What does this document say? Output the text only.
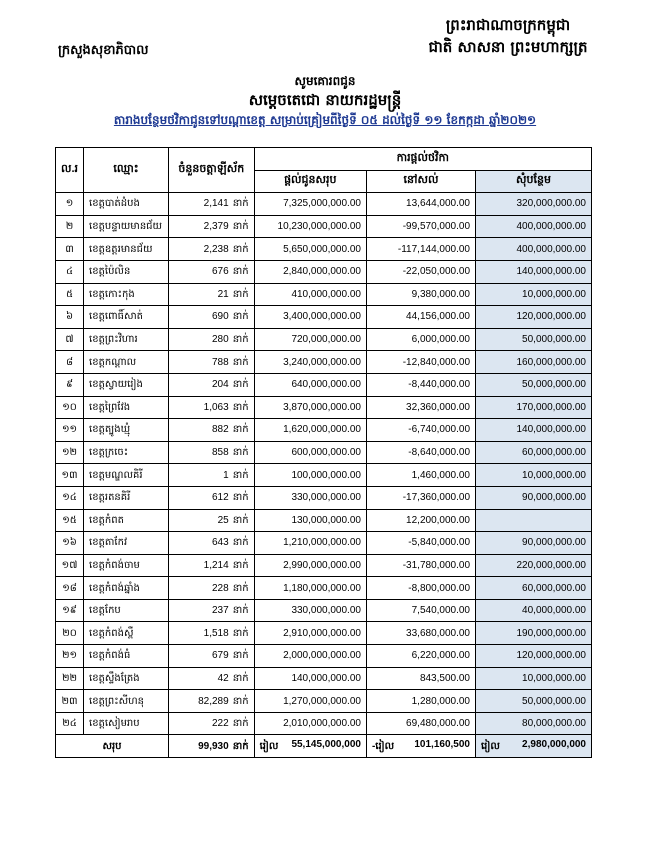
ព្រះរាជាណាចក្រកម្ពុជា
ជាតិ សាសនា ព្រះមហាក្សត្រ
ក្រសួងសុខាភិបាល
សូមគោរពជូន
សម្តេចតេជោ នាយករដ្ឋមន្ត្រី
តារាងបន្ថែមថវិកាជូនទៅបណ្តាខេត្ត សម្រាប់គ្រៀមពីថ្ងៃទី ០៥ ដល់ថ្ងៃទី ១១ ខែកក្កដា ឆ្នាំ២០២១
ល.រ	ឈ្មោះ	ចំនួនចត្តាឡីស័ក	ការផ្តល់ថវិកា		
			ផ្តល់ជូនសរុប	នៅសល់	សុំបន្ថែម
១	ខេត្តបាត់ដំបង	2,141 នាក់	7,325,000,000.00	13,644,000.00	320,000,000.00
២	ខេត្តបន្ទាយមានជ័យ	2,379 នាក់	10,230,000,000.00	-99,570,000.00	400,000,000.00
៣	ខេត្តឧត្តរមានជ័យ	2,238 នាក់	5,650,000,000.00	-117,144,000.00	400,000,000.00
៤	ខេត្តប៉ៃលិន	676 នាក់	2,840,000,000.00	-22,050,000.00	140,000,000.00
៥	ខេត្តកោះកុង	21 នាក់	410,000,000.00	9,380,000.00	10,000,000.00
៦	ខេត្តពោធិ៍សាត់	690 នាក់	3,400,000,000.00	44,156,000.00	120,000,000.00
៧	ខេត្តព្រះវិហារ	280 នាក់	720,000,000.00	6,000,000.00	50,000,000.00
៨	ខេត្តកណ្តាល	788 នាក់	3,240,000,000.00	-12,840,000.00	160,000,000.00
៩	ខេត្តស្វាយរៀង	204 នាក់	640,000,000.00	-8,440,000.00	50,000,000.00
១០	ខេត្តព្រៃវែង	1,063 នាក់	3,870,000,000.00	32,360,000.00	170,000,000.00
១១	ខេត្តត្បូងឃ្មុំ	882 នាក់	1,620,000,000.00	-6,740,000.00	140,000,000.00
១២	ខេត្តក្រចេះ	858 នាក់	600,000,000.00	-8,640,000.00	60,000,000.00
១៣	ខេត្តមណ្ឌលគិរី	1 នាក់	100,000,000.00	1,460,000.00	10,000,000.00
១៤	ខេត្តរតនគិរី	612 នាក់	330,000,000.00	-17,360,000.00	90,000,000.00
១៥	ខេត្តកំពត	25 នាក់	130,000,000.00	12,200,000.00	
១៦	ខេត្តតាកែវ	643 នាក់	1,210,000,000.00	-5,840,000.00	90,000,000.00
១៧	ខេត្តកំពង់ចាម	1,214 នាក់	2,990,000,000.00	-31,780,000.00	220,000,000.00
១៨	ខេត្តកំពង់ឆ្នាំង	228 នាក់	1,180,000,000.00	-8,800,000.00	60,000,000.00
១៩	ខេត្តកែប	237 នាក់	330,000,000.00	7,540,000.00	40,000,000.00
២០	ខេត្តកំពង់ស្ពឺ	1,518 នាក់	2,910,000,000.00	33,680,000.00	190,000,000.00
២១	ខេត្តកំពង់ធំ	679 នាក់	2,000,000,000.00	6,220,000.00	120,000,000.00
២២	ខេត្តស្ទឹងត្រែង	42 នាក់	140,000,000.00	843,500.00	10,000,000.00
២៣	ខេត្តព្រះសីហនុ	82,289 នាក់	1,270,000,000.00	1,280,000.00	50,000,000.00
២៤	ខេត្តសៀមរាប	222 នាក់	2,010,000,000.00	69,480,000.00	80,000,000.00
សរុប		99,930 នាក់	រៀល 55,145,000,000	-រៀល 101,160,500	រៀល 2,980,000,000
